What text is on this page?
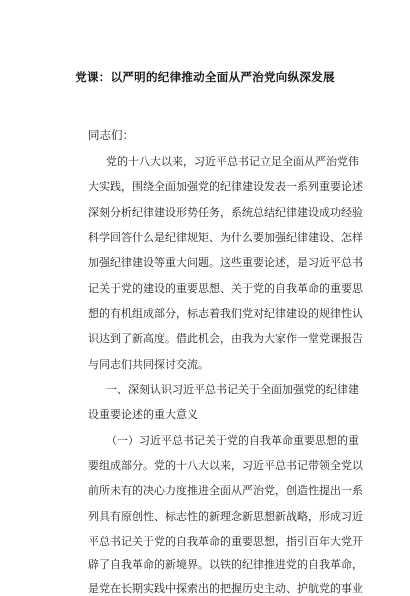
党课：以严明的纪律推动全面从严治党向纵深发展
同志们：
党的十八大以来，习近平总书记立足全面从严治党伟
大实践，围绕全面加强党的纪律建设发表一系列重要论述
深刻分析纪律建设形势任务，系统总结纪律建设成功经验
科学回答什么是纪律规矩、为什么要加强纪律建设、怎样
加强纪律建设等重大问题。这些重要论述，是习近平总书
记关于党的建设的重要思想、关于党的自我革命的重要思
想的有机组成部分，标志着我们党对纪律建设的规律性认
识达到了新高度。借此机会，由我为大家作一堂党课报告
与同志们共同探讨交流。
一、深刻认识习近平总书记关于全面加强党的纪律建
设重要论述的重大意义
（一）习近平总书记关于党的自我革命重要思想的重
要组成部分。党的十八大以来，习近平总书记带领全党以
前所未有的决心力度推进全面从严治党，创造性提出一系
列具有原创性、标志性的新理念新思想新战略，形成习近
平总书记关于党的自我革命的重要思想，指引百年大党开
辟了自我革命的新境界。以铁的纪律推进党的自我革命，
是党在长期实践中探索出的把握历史主动、护航党的事业
